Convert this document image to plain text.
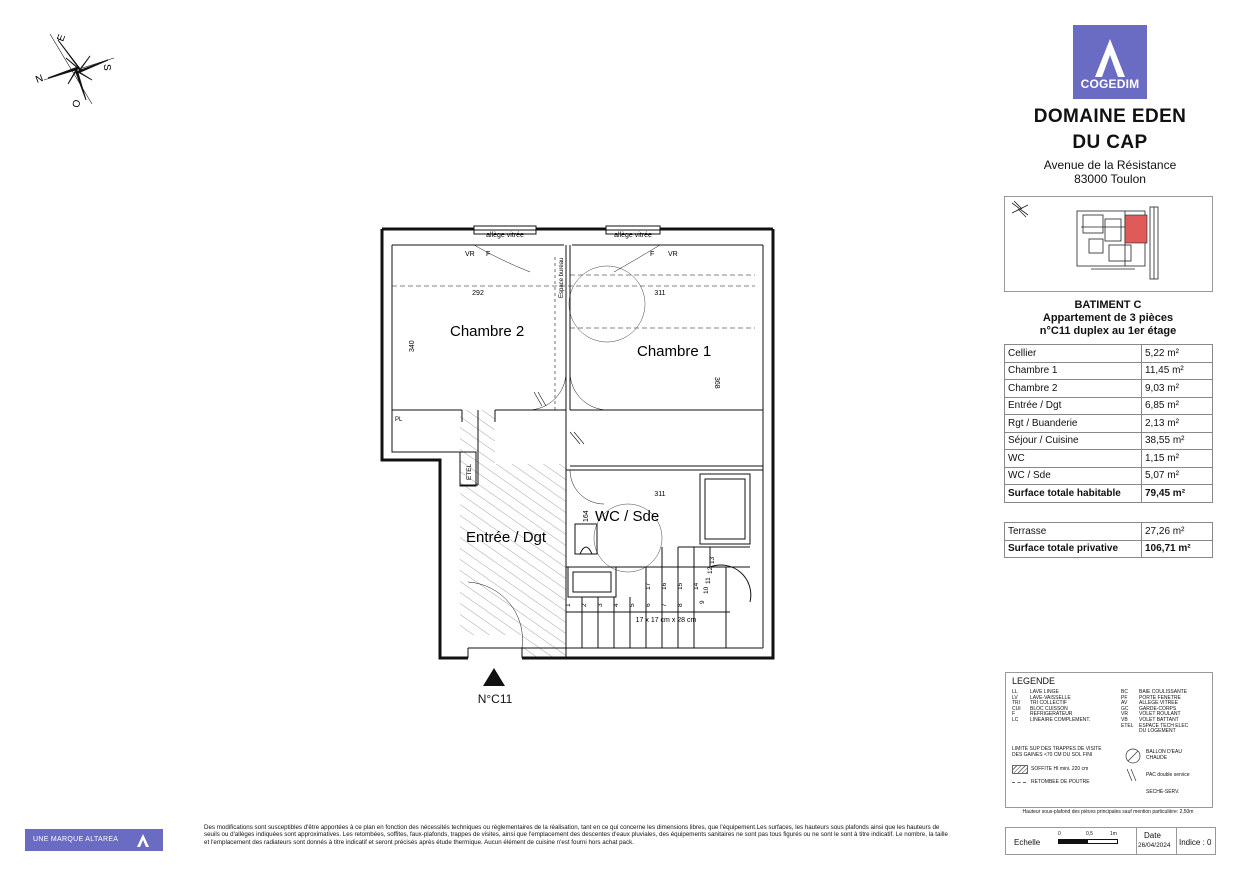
E
S
N
O
COGEDIM
DOMAINE EDEN
DU CAP
Avenue de la Résistance
83000 Toulon
BATIMENT C
Appartement de 3 pièces
n°C11 duplex au 1er étage
Cellier	5,22 m²
Chambre 1	11,45 m²
Chambre 2	9,03 m²
Entrée / Dgt	6,85 m²
Rgt / Buanderie	2,13 m²
Séjour / Cuisine	38,55 m²
WC	1,15 m²
WC / Sde	5,07 m²
Surface totale habitable	79,45 m²
Terrasse	27,26 m²
Surface totale privative	106,71 m²
allège vitrée	allège vitrée
VR F	F VR
Espace bureau
292	311
311
340
368
164
Chambre 2
Chambre 1
Entrée / Dgt
WC / Sde
PL
ETEL
17 x 17 cm x 28 cm
1 2 3 4 5 6 7 8
9
10
11
12
13
14
15
16
17
N°C11
LEGENDE
LL	LAVE LINGE
LV	LAVE-VAISSELLE
TRI	TRI COLLECTIF
CUI	BLOC CUISSON
F	REFRIGERATEUR
LC	LINEAIRE COMPLEMENT.
BC	BAIE COULISSANTE
PF	PORTE FENETRE
AV	ALLEGE VITREE
GC	GARDE-CORPS
VR	VOLET ROULANT
VB	VOLET BATTANT
ETEL	ESPACE TECH ELEC
DU LOGEMENT
LIMITE SUP DES TRAPPES DE VISITE
DES GAINES <70 CM DU SOL FINI
SOFFITE HI mini. 220 cm
RETOMBEE DE POUTRE
BALLON D'EAU
CHAUDE
PAC double service
SECHE-SERV.
Hauteur sous-plafond des pièces principales sauf mention particulière: 2,50m
Echelle
0	0,5	1m	Date
26/04/2024 Indice : 0
UNE MARQUE ALTAREA
Des modifications sont susceptibles d'être apportées à ce plan en fonction des nécessités techniques ou réglementaires de la réalisation, tant en ce qui concerne les dimensions libres, que l'équipement.Les surfaces, les hauteurs sous plafonds ainsi que les hauteurs de seuils ou d'allèges indiquées sont approximatives. Les retombées, soffites, faux-plafonds, trappes de visites, ainsi que l'emplacement des descentes d'eaux pluviales, des équipements sanitaires ne sont pas tous figurés ou ne sont le sont à titre indicatif. Le nombre, la taille et l'emplacement des radiateurs sont donnés à titre indicatif et seront précisés après étude thermique. Aucun élément de cuisine n'est fourni hors achat pack.
